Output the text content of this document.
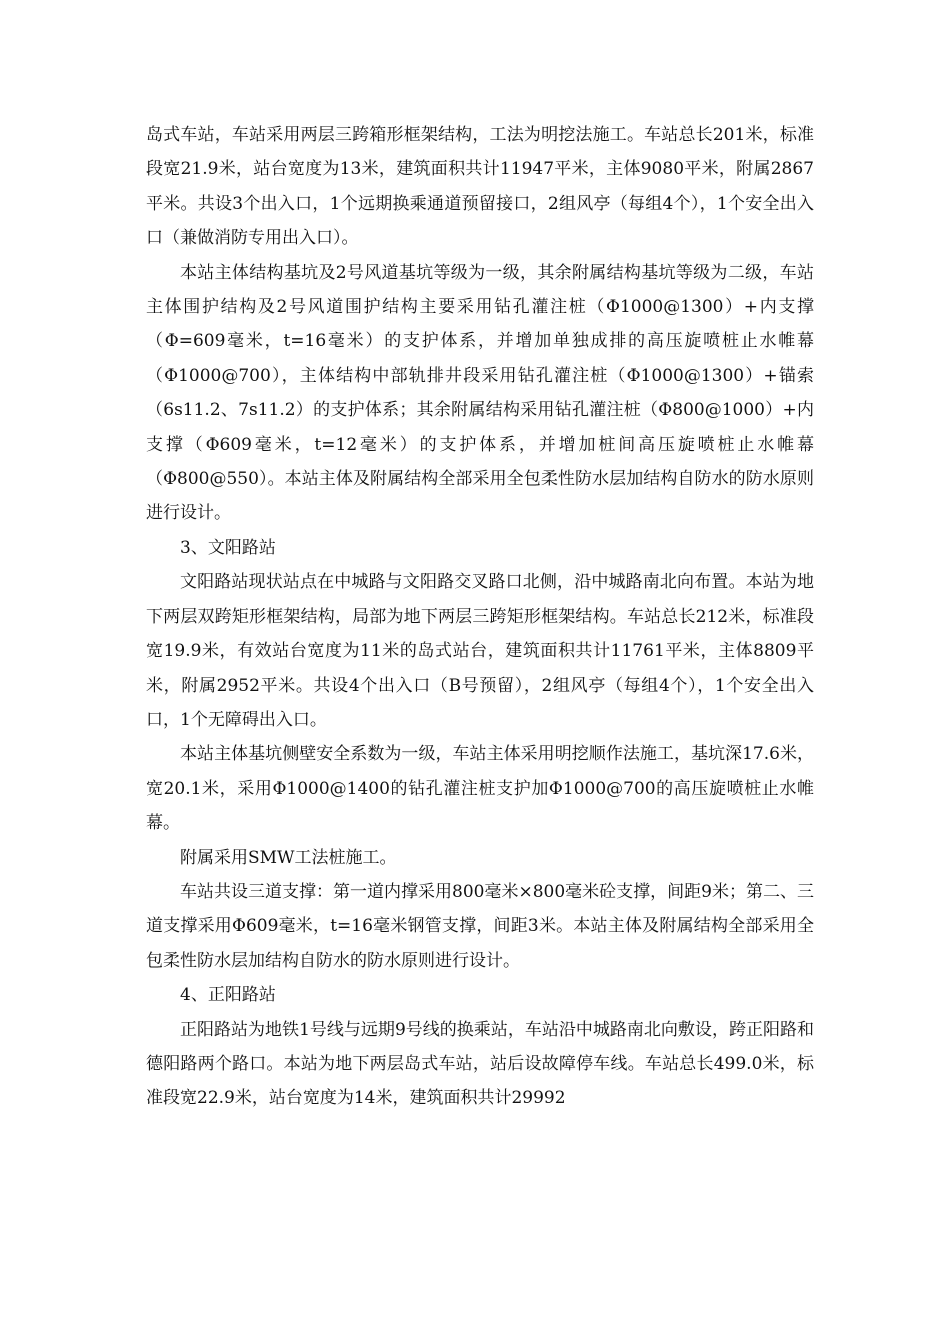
岛式车站，车站采用两层三跨箱形框架结构，工法为明挖法施工。车站总长201米，标准段宽21.9米，站台宽度为13米，建筑面积共计11947平米，主体9080平米，附属2867平米。共设3个出入口，1个远期换乘通道预留接口，2组风亭（每组4个），1个安全出入口（兼做消防专用出入口）。

本站主体结构基坑及2号风道基坑等级为一级，其余附属结构基坑等级为二级，车站主体围护结构及2号风道围护结构主要采用钻孔灌注桩（Φ1000@1300）+内支撑（Φ=609毫米，t=16毫米）的支护体系，并增加单独成排的高压旋喷桩止水帷幕（Φ1000@700），主体结构中部轨排井段采用钻孔灌注桩（Φ1000@1300）+锚索（6s11.2、7s11.2）的支护体系；其余附属结构采用钻孔灌注桩（Φ800@1000）+内支撑（Φ609毫米，t=12毫米）的支护体系，并增加桩间高压旋喷桩止水帷幕（Φ800@550）。本站主体及附属结构全部采用全包柔性防水层加结构自防水的防水原则进行设计。

3、文阳路站

文阳路站现状站点在中城路与文阳路交叉路口北侧，沿中城路南北向布置。本站为地下两层双跨矩形框架结构，局部为地下两层三跨矩形框架结构。车站总长212米，标准段宽19.9米，有效站台宽度为11米的岛式站台，建筑面积共计11761平米，主体8809平米，附属2952平米。共设4个出入口（B号预留），2组风亭（每组4个），1个安全出入口，1个无障碍出入口。

本站主体基坑侧壁安全系数为一级，车站主体采用明挖顺作法施工，基坑深17.6米，宽20.1米，采用Φ1000@1400的钻孔灌注桩支护加Φ1000@700的高压旋喷桩止水帷幕。

附属采用SMW工法桩施工。

车站共设三道支撑：第一道内撑采用800毫米×800毫米砼支撑，间距9米；第二、三道支撑采用Φ609毫米，t=16毫米钢管支撑，间距3米。本站主体及附属结构全部采用全包柔性防水层加结构自防水的防水原则进行设计。

4、正阳路站

正阳路站为地铁1号线与远期9号线的换乘站，车站沿中城路南北向敷设，跨正阳路和德阳路两个路口。本站为地下两层岛式车站，站后设故障停车线。车站总长499.0米，标准段宽22.9米，站台宽度为14米，建筑面积共计29992
